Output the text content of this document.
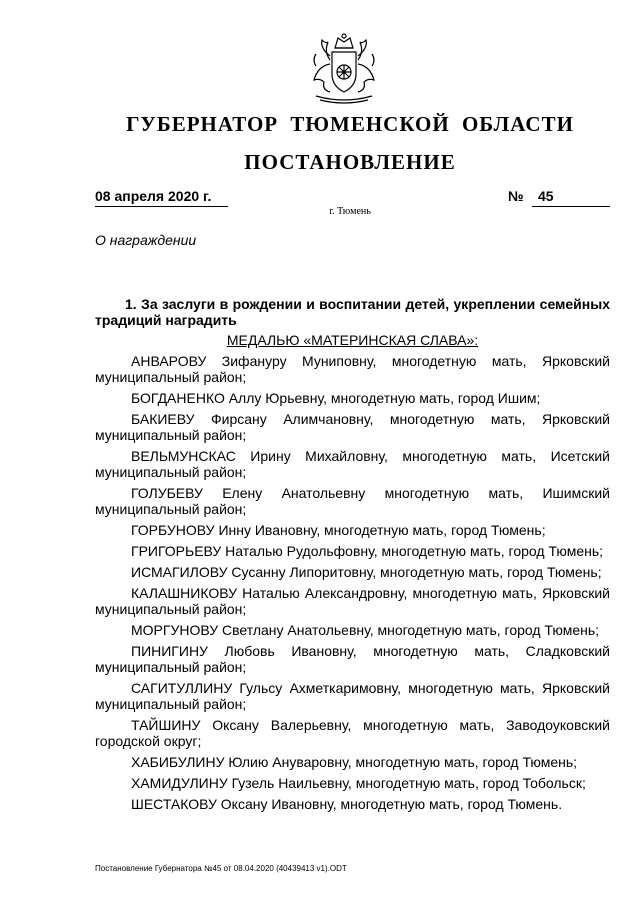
ГУБЕРНАТОР ТЮМЕНСКОЙ ОБЛАСТИ
ПОСТАНОВЛЕНИЕ
08 апреля 2020 г.	№ 45
г. Тюмень
О награждении
1. За заслуги в рождении и воспитании детей, укреплении семейных традиций наградить
МЕДАЛЬЮ «МАТЕРИНСКАЯ СЛАВА»:
АНВАРОВУ Зифануру Муниповну, многодетную мать, Ярковский муниципальный район;
БОГДАНЕНКО Аллу Юрьевну, многодетную мать, город Ишим;
БАКИЕВУ Фирсану Алимчановну, многодетную мать, Ярковский муниципальный район;
ВЕЛЬМУНСКАС Ирину Михайловну, многодетную мать, Исетский муниципальный район;
ГОЛУБЕВУ Елену Анатольевну многодетную мать, Ишимский муниципальный район;
ГОРБУНОВУ Инну Ивановну, многодетную мать, город Тюмень;
ГРИГОРЬЕВУ Наталью Рудольфовну, многодетную мать, город Тюмень;
ИСМАГИЛОВУ Сусанну Липоритовну, многодетную мать, город Тюмень;
КАЛАШНИКОВУ Наталью Александровну, многодетную мать, Ярковский муниципальный район;
МОРГУНОВУ Светлану Анатольевну, многодетную мать, город Тюмень;
ПИНИГИНУ Любовь Ивановну, многодетную мать, Сладковский муниципальный район;
САГИТУЛЛИНУ Гульсу Ахметкаримовну, многодетную мать, Ярковский муниципальный район;
ТАЙШИНУ Оксану Валерьевну, многодетную мать, Заводоуковский городской округ;
ХАБИБУЛИНУ Юлию Ануваровну, многодетную мать, город Тюмень;
ХАМИДУЛИНУ Гузель Наильевну, многодетную мать, город Тобольск;
ШЕСТАКОВУ Оксану Ивановну, многодетную мать, город Тюмень.
Постановление Губернатора №45 от 08.04.2020 (40439413 v1).ODT
